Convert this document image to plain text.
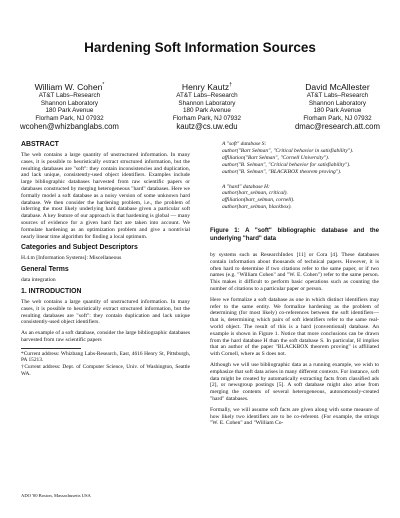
Hardening Soft Information Sources
William W. Cohen*
AT&T Labs–Research
Shannon Laboratory
180 Park Avenue
Florham Park, NJ 07932
wcohen@whizbanglabs.com
Henry Kautz†
AT&T Labs–Research
Shannon Laboratory
180 Park Avenue
Florham Park, NJ 07932
kautz@cs.uw.edu
David McAllester
AT&T Labs–Research
Shannon Laboratory
180 Park Avenue
Florham Park, NJ 07932
dmac@research.att.com
ABSTRACT

The web contains a large quantity of unstructured information. In many cases, it is possible to heuristically extract structured information, but the resulting databases are "soft": they contain inconsistencies and duplication, and lack unique, consistently-used object identifiers. Examples include large bibliographic databases harvested from raw scientific papers or databases constructed by merging heterogeneous "hard" databases. Here we formally model a soft database as a noisy version of some unknown hard database. We then consider the hardening problem, i.e., the problem of inferring the most likely underlying hard database given a particular soft database. A key feature of our approach is that hardening is global — many sources of evidence for a given hard fact are taken into account. We formulate hardening as an optimization problem and give a nontrivial nearly linear time algorithm for finding a local optimum.

Categories and Subject Descriptors

H.4.m [Information Systems]: Miscellaneous

General Terms

data integration

1. INTRODUCTION

The web contains a large quantity of unstructured information. In many cases, it is possible to heuristically extract structured information, but the resulting databases are "soft": they contain duplication and lack unique consistently-used object identifiers.

As an example of a soft database, consider the large bibliographic databases harvested from raw scientific papers

*Current address: Whizbang Labs-Research, East, 4616 Henry St, Pittsburgh, PA 15213.
†Current address: Dept. of Computer Science, Univ. of Washington, Seattle WA.
A "soft" database S:
author("Bart Selman", "Critical behavior in satisfiability").
affiliation("Bart Selman", "Cornell University").
author("B. Selman", "Critical behavior for satisfiability").
author("B. Selman", "BLACKBOX theorem proving").
A "hard" database H:
author(bart_selman, critical).
affiliation(bart_selman, cornell).
author(bart_selman, blackbox).
Figure 1: A "soft" bibliographic database and the underlying "hard" data

by systems such as ResearchIndex [11] or Cora [4]. These databases contain information about thousands of technical papers. However, it is often hard to determine if two citations refer to the same paper, or if two names (e.g. "William Cohen" and "W. E. Cohen") refer to the same person. This makes it difficult to perform basic operations such as counting the number of citations to a particular paper or person.

Here we formalize a soft database as one in which distinct identifiers may refer to the same entity. We formalize hardening as the problem of determining (for most likely) co-references between the soft identifiers—that is, determining which pairs of soft identifiers refer to the same real-world object. The result of this is a hard (conventional) database. An example is shown in Figure 1. Notice that more conclusions can be drawn from the hard database H than the soft database S. In particular, H implies that an author of the paper "BLACKBOX theorem proving" is affiliated with Cornell, where as S does not.

Although we will use bibliographic data as a running example, we wish to emphasize that soft data arises in many different contexts. For instance, soft data might be created by automatically extracting facts from classified ads [2], or newsgroup postings [5]. A soft database might also arise from merging the contents of several heterogeneous, autonomously-created "hard" databases.

Formally, we will assume soft facts are given along with some measure of how likely two identifiers are to be co-referent. (For example, the strings "W. E. Cohen" and "William Co-

ADO '00 Boston, Massachusetts USA
